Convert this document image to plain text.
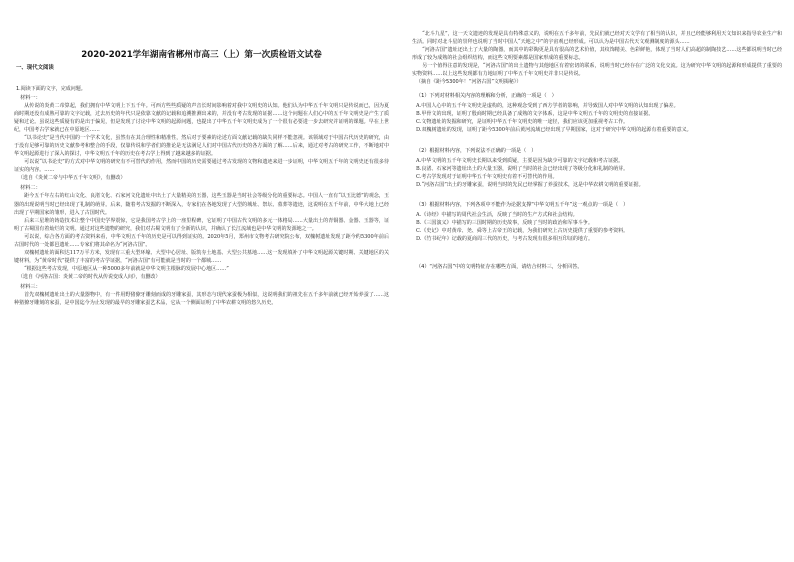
2020-2021学年湖南省郴州市高三（上）第一次质检语文试卷
一、现代文阅读
1.阅读下面的文字，完成问题。
材料一：

从传说的炎黄二帝算起，我们拥有中华文明上下五千年。可西方些些质疑的声音长时间影响着对我中文明史的认知。他们认为中华五千年文明只是传说而已，因为夏商时期还没有成熟可靠的文字记载，过去历史的年代只是依靠文献的记载和追溯推测出来的，并没有考古发现的证据……这个问题在人们心中的五千年文明史是产生了质疑和过论。虽说这些质疑有的是出于偏见，但是发现了讨论中华文明的起源问题，也提出了中华五千年文明史成为了一个很有必要进一步去研究并证明的课题。早在上世纪，中国考古学家就已在中原地区……

“以书论史”是当代中国的一个学术文化，虽然有在其合理性和精准性，然后对于要素的论述方面文献记载的缺失同样不能忽视。该领域对于中国古代历史的研究，由于没有足够可靠的历史文献参考和整合的手段，仅靠传说和学者们的推论是无法满足人们对中国古代历史的各方面的了解……后来，通过对考古的研究工作，不断地对中华文明起源进行了深入的探讨，中华文明五千年的历史在考古学上得到了越来越多的证据。

可以说“以书论史”的方式对中华文明的研究有不可替代的作用，然而中国的历史需要通过考古发现的文物和遗迹来进一步证明，中华文明五千年的文明史还有很多待证实的内容。……

（选自《炎黄二帝与中华五千年文明》，有删改）

材料二：

距今五千年左右的红山文化、良渚文化、石家河文化遗址中出土了大量精美的玉器，这些玉器是当时社会等级分化的重要标志。中国人一直有“以玉比德”的观念，玉器的出现说明当时已经出现了礼制的萌芽。后来，随着考古发掘的不断深入，专家们在各地发现了大型的城址、祭坛、墓葬等遗迹，这说明在五千年前，中华大地上已经出现了早期国家的雏形，进入了古国时代。

后来三星堆的铸造技术让整个中国史学界震惊，它是我国考古学上的一座里程碑，它证明了中国古代文明的多元一体格局……大量出土的青铜器、金器、玉器等，证明了古蜀国有着灿烂的文明。通过对这些遗物的研究，我们对古蜀文明有了全新的认识，并确认了长江流域也是中华文明的发源地之一。

可以说，综合各方面的考古资料来看，中华文明五千年的历史是可以得到证实的。2020年5月，郑州市文物考古研究院公布，双槐树遗址发现了距今约5300年前后古国时代的一处都邑遗址……专家们将其命名为“河洛古国”。

双槐树遗址的面积达117万平方米，发现有三重大型环壕、大型中心居址、版筑夯土地基、大型公共墓地……这一发现填补了中华文明起源关键时期、关键地区的关键材料，为“黄帝时代”提供了丰富的考古学证据，“河洛古国”有可能就是当时的一个都城……

“根据这些考古发现，中原地区从一种5000多年前就是中华文明主根脉的发展中心地区……”

（选自《河洛古国：炎黄二帝的时代从传说变成人间》，有删改）

材料三：

首先双槐树遗址出土的大量器物中，有一件用野猪獠牙雕刻而成的牙雕家蚕，其形态与现代家蚕极为相似，这说明我们的祖先在五千多年前就已经开始养蚕了……这种猪獠牙雕刻的家蚕，是中国迄今为止发现的最早的牙雕家蚕艺术品，它从一个侧面证明了中华农耕文明的悠久历史。

“北斗九星”，这一天文遗迹的发现是具有特殊意义的，说明在五千多年前，先民们就已经对天文学有了相当的认识，并且已经能够利用天文知识来指导农业生产和生活。同时对北斗星的崇拜也说明了当时中国人“天地之中”的宇宙观已经形成。可以认为是中国古代天文观测制度的源头……

“河洛古国”遗址还出土了大量的陶器，而其中的彩陶更是具有很高的艺术价值，其纹饰精美、色彩鲜艳，体现了当时人们高超的制陶技艺……这些都说明当时已经形成了较为成熟的社会组织结构，而这些文明要素都是国家形成的重要标志。

另一个值得注意的发现是，“河洛古国”的出土遗物与其他地区有着密切的联系，说明当时已经存在广泛的文化交流。这为研究中华文明的起源和形成提供了重要的实物资料……以上这些发现都有力地证明了中华五千年文明史并非只是传说。

（摘自《距今5300年！“河洛古国”文明揭秘》）

（1）下列对材料相关内容的理解和分析，正确的一项是（　）
A.中国人心中的五千年文明史是虚构的，这种观念受到了西方学者的影响，并导致国人对中华文明的认知出现了偏差。
B.甲骨文的出现，证明了殷商时期已经具备了成熟的文字体系，这是中华文明五千年的文明史的直接证据。
C.文物遗址的发掘和研究，是证明中华五千年文明史的唯一途径，我们应该更加重视考古工作。
D.双槐树遗址的发现，证明了距今5300年前后黄河流域已经出现了早期国家，这对于研究中华文明的起源有着重要的意义。
（2）根据材料内容，下列说法不正确的一项是（　）
A.中华文明的五千年文明史长期以来受到质疑，主要是因为缺少可靠的文字记载和考古证据。
B.良渚、石家河等遗址出土的大量玉器，说明了当时的社会已经出现了等级分化和礼制的萌芽。
C.考古学发现对于证明中华五千年文明史有着不可替代的作用。
D.“河洛古国”出土的牙雕家蚕，说明当时的先民已经掌握了养蚕技术，这是中华农耕文明的重要证据。
（3）根据材料内容，下列各项中不能作为论据支撑“中华文明五千年”这一观点的一项是（　）
A.《诗经》中描写的周代社会生活，反映了当时的生产方式和社会结构。
B.《三国演义》中描写的三国时期的历史故事，反映了当时的政治和军事斗争。
C.《史记》中对黄帝、尧、舜等上古帝王的记载，为我们研究上古历史提供了重要的参考资料。
D.《竹书纪年》记载的夏商周三代的历史，与考古发现有很多相互印证的地方。
（4）“河洛古国”中的文明特征存在哪些方面，请结合材料三，分析回答。
